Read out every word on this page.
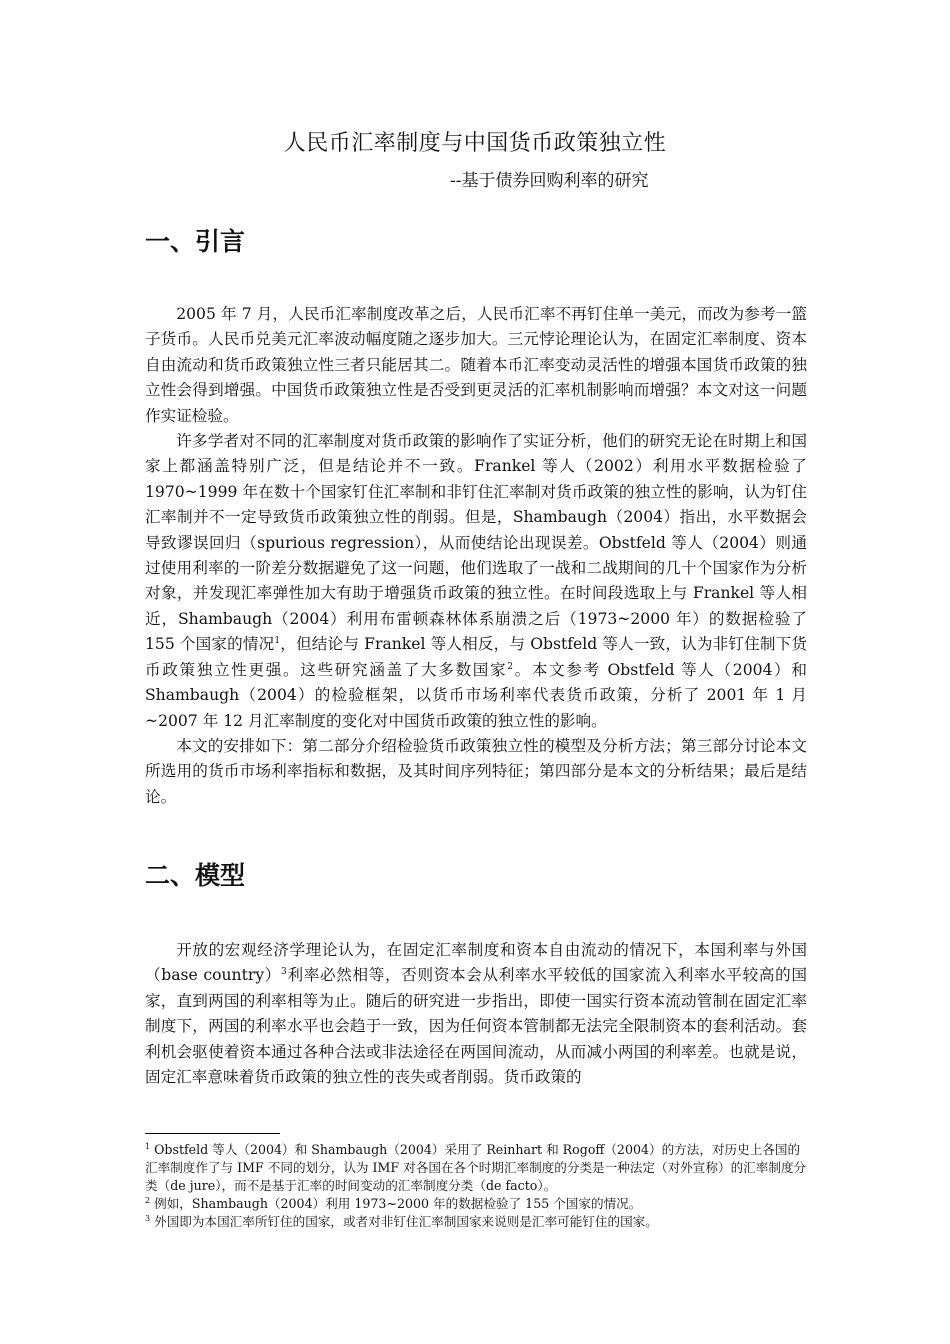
人民币汇率制度与中国货币政策独立性
--基于债券回购利率的研究
一、引言

2005 年 7 月，人民币汇率制度改革之后，人民币汇率不再钉住单一美元，而改为参考一篮子货币。人民币兑美元汇率波动幅度随之逐步加大。三元悖论理论认为，在固定汇率制度、资本自由流动和货币政策独立性三者只能居其二。随着本币汇率变动灵活性的增强本国货币政策的独立性会得到增强。中国货币政策独立性是否受到更灵活的汇率机制影响而增强？本文对这一问题作实证检验。

许多学者对不同的汇率制度对货币政策的影响作了实证分析，他们的研究无论在时期上和国家上都涵盖特别广泛，但是结论并不一致。Frankel 等人（2002）利用水平数据检验了 1970~1999 年在数十个国家钉住汇率制和非钉住汇率制对货币政策的独立性的影响，认为钉住汇率制并不一定导致货币政策独立性的削弱。但是，Shambaugh（2004）指出，水平数据会导致谬误回归（spurious regression），从而使结论出现误差。Obstfeld 等人（2004）则通过使用利率的一阶差分数据避免了这一问题，他们选取了一战和二战期间的几十个国家作为分析对象，并发现汇率弹性加大有助于增强货币政策的独立性。在时间段选取上与 Frankel 等人相近，Shambaugh（2004）利用布雷顿森林体系崩溃之后（1973~2000 年）的数据检验了 155 个国家的情况$^1$，但结论与 Frankel 等人相反，与 Obstfeld 等人一致，认为非钉住制下货币政策独立性更强。这些研究涵盖了大多数国家$^2$。本文参考 Obstfeld 等人（2004）和 Shambaugh（2004）的检验框架，以货币市场利率代表货币政策，分析了 2001 年 1 月~2007 年 12 月汇率制度的变化对中国货币政策的独立性的影响。

本文的安排如下：第二部分介绍检验货币政策独立性的模型及分析方法；第三部分讨论本文所选用的货币市场利率指标和数据，及其时间序列特征；第四部分是本文的分析结果；最后是结论。

二、模型

开放的宏观经济学理论认为，在固定汇率制度和资本自由流动的情况下，本国利率与外国（base country）$^3$利率必然相等，否则资本会从利率水平较低的国家流入利率水平较高的国家，直到两国的利率相等为止。随后的研究进一步指出，即使一国实行资本流动管制在固定汇率制度下，两国的利率水平也会趋于一致，因为任何资本管制都无法完全限制资本的套利活动。套利机会驱使着资本通过各种合法或非法途径在两国间流动，从而减小两国的利率差。也就是说，固定汇率意味着货币政策的独立性的丧失或者削弱。货币政策的

$^1$ Obstfeld 等人（2004）和 Shambaugh（2004）采用了 Reinhart 和 Rogoff（2004）的方法，对历史上各国的汇率制度作了与 IMF 不同的划分，认为 IMF 对各国在各个时期汇率制度的分类是一种法定（对外宣称）的汇率制度分类（de jure），而不是基于汇率的时间变动的汇率制度分类（de facto）。

$^2$ 例如，Shambaugh（2004）利用 1973~2000 年的数据检验了 155 个国家的情况。

$^3$ 外国即为本国汇率所钉住的国家，或者对非钉住汇率制国家来说则是汇率可能钉住的国家。
